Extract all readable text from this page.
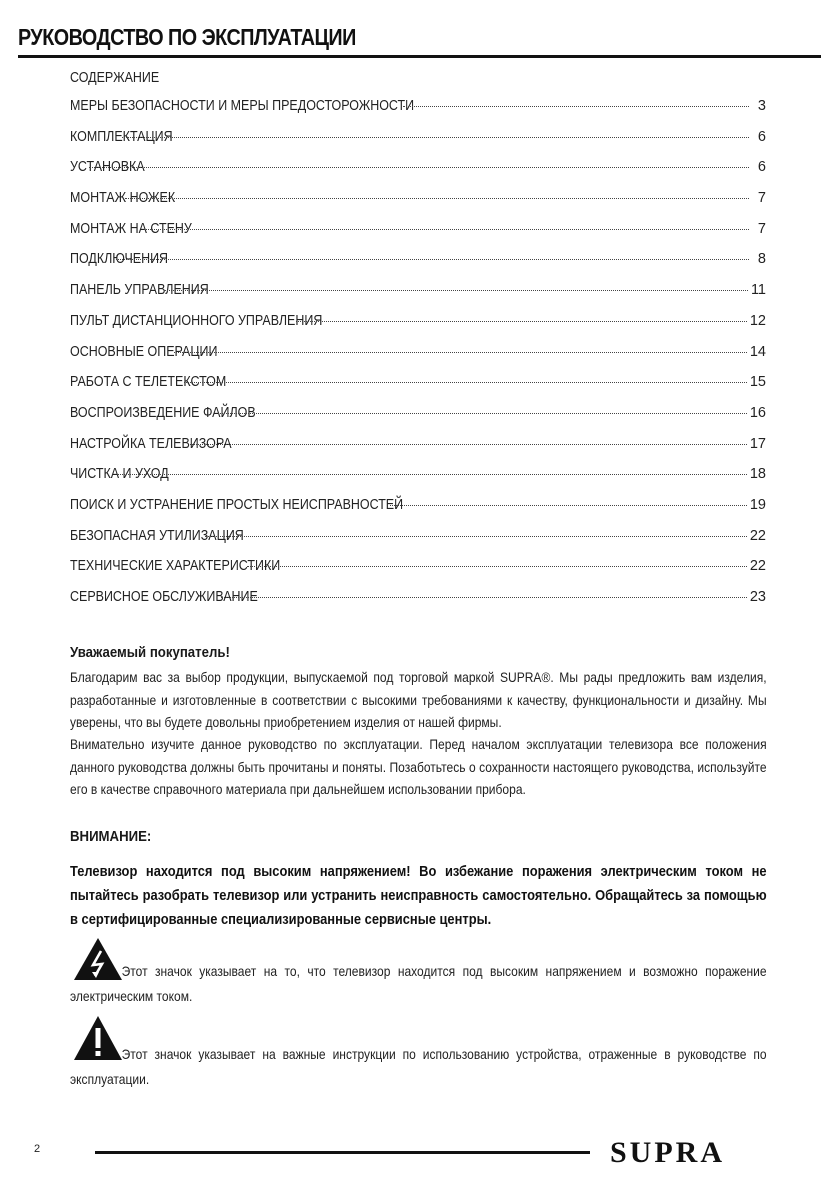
РУКОВОДСТВО ПО ЭКСПЛУАТАЦИИ
СОДЕРЖАНИЕ
МЕРЫ БЕЗОПАСНОСТИ И МЕРЫ ПРЕДОСТОРОЖНОСТИ	3
КОМПЛЕКТАЦИЯ	6
УСТАНОВКА	6
МОНТАЖ НОЖЕК	7
МОНТАЖ НА СТЕНУ	7
ПОДКЛЮЧЕНИЯ	8
ПАНЕЛЬ УПРАВЛЕНИЯ	11
ПУЛЬТ ДИСТАНЦИОННОГО УПРАВЛЕНИЯ	12
ОСНОВНЫЕ ОПЕРАЦИИ	14
РАБОТА С ТЕЛЕТЕКСТОМ	15
ВОСПРОИЗВЕДЕНИЕ ФАЙЛОВ	16
НАСТРОЙКА ТЕЛЕВИЗОРА	17
ЧИСТКА И УХОД	18
ПОИСК И УСТРАНЕНИЕ ПРОСТЫХ НЕИСПРАВНОСТЕЙ	19
БЕЗОПАСНАЯ УТИЛИЗАЦИЯ	22
ТЕХНИЧЕСКИЕ ХАРАКТЕРИСТИКИ	22
СЕРВИСНОЕ ОБСЛУЖИВАНИЕ	23
Уважаемый покупатель!
Благодарим вас за выбор продукции, выпускаемой под торговой маркой SUPRA®. Мы рады предложить вам изделия, разработанные и изготовленные в соответствии с высокими требованиями к качеству, функциональности и дизайну. Мы уверены, что вы будете довольны приобретением изделия от нашей фирмы.
Внимательно изучите данное руководство по эксплуатации. Перед началом эксплуатации телевизора все положения данного руководства должны быть прочитаны и поняты. Позаботьтесь о сохранности настоящего руководства, используйте его в качестве справочного материала при дальнейшем использовании прибора.
ВНИМАНИЕ:
Телевизор находится под высоким напряжением! Во избежание поражения электрическим током не пытайтесь разобрать телевизор или устранить неисправность самостоятельно. Обращайтесь за помощью в сертифицированные специализированные сервисные центры.
Этот значок указывает на то, что телевизор находится под высоким напряжением и возможно поражение электрическим током.
Этот значок указывает на важные инструкции по использованию устройства, отраженные в руководстве по эксплуатации.
2	SUPRA
